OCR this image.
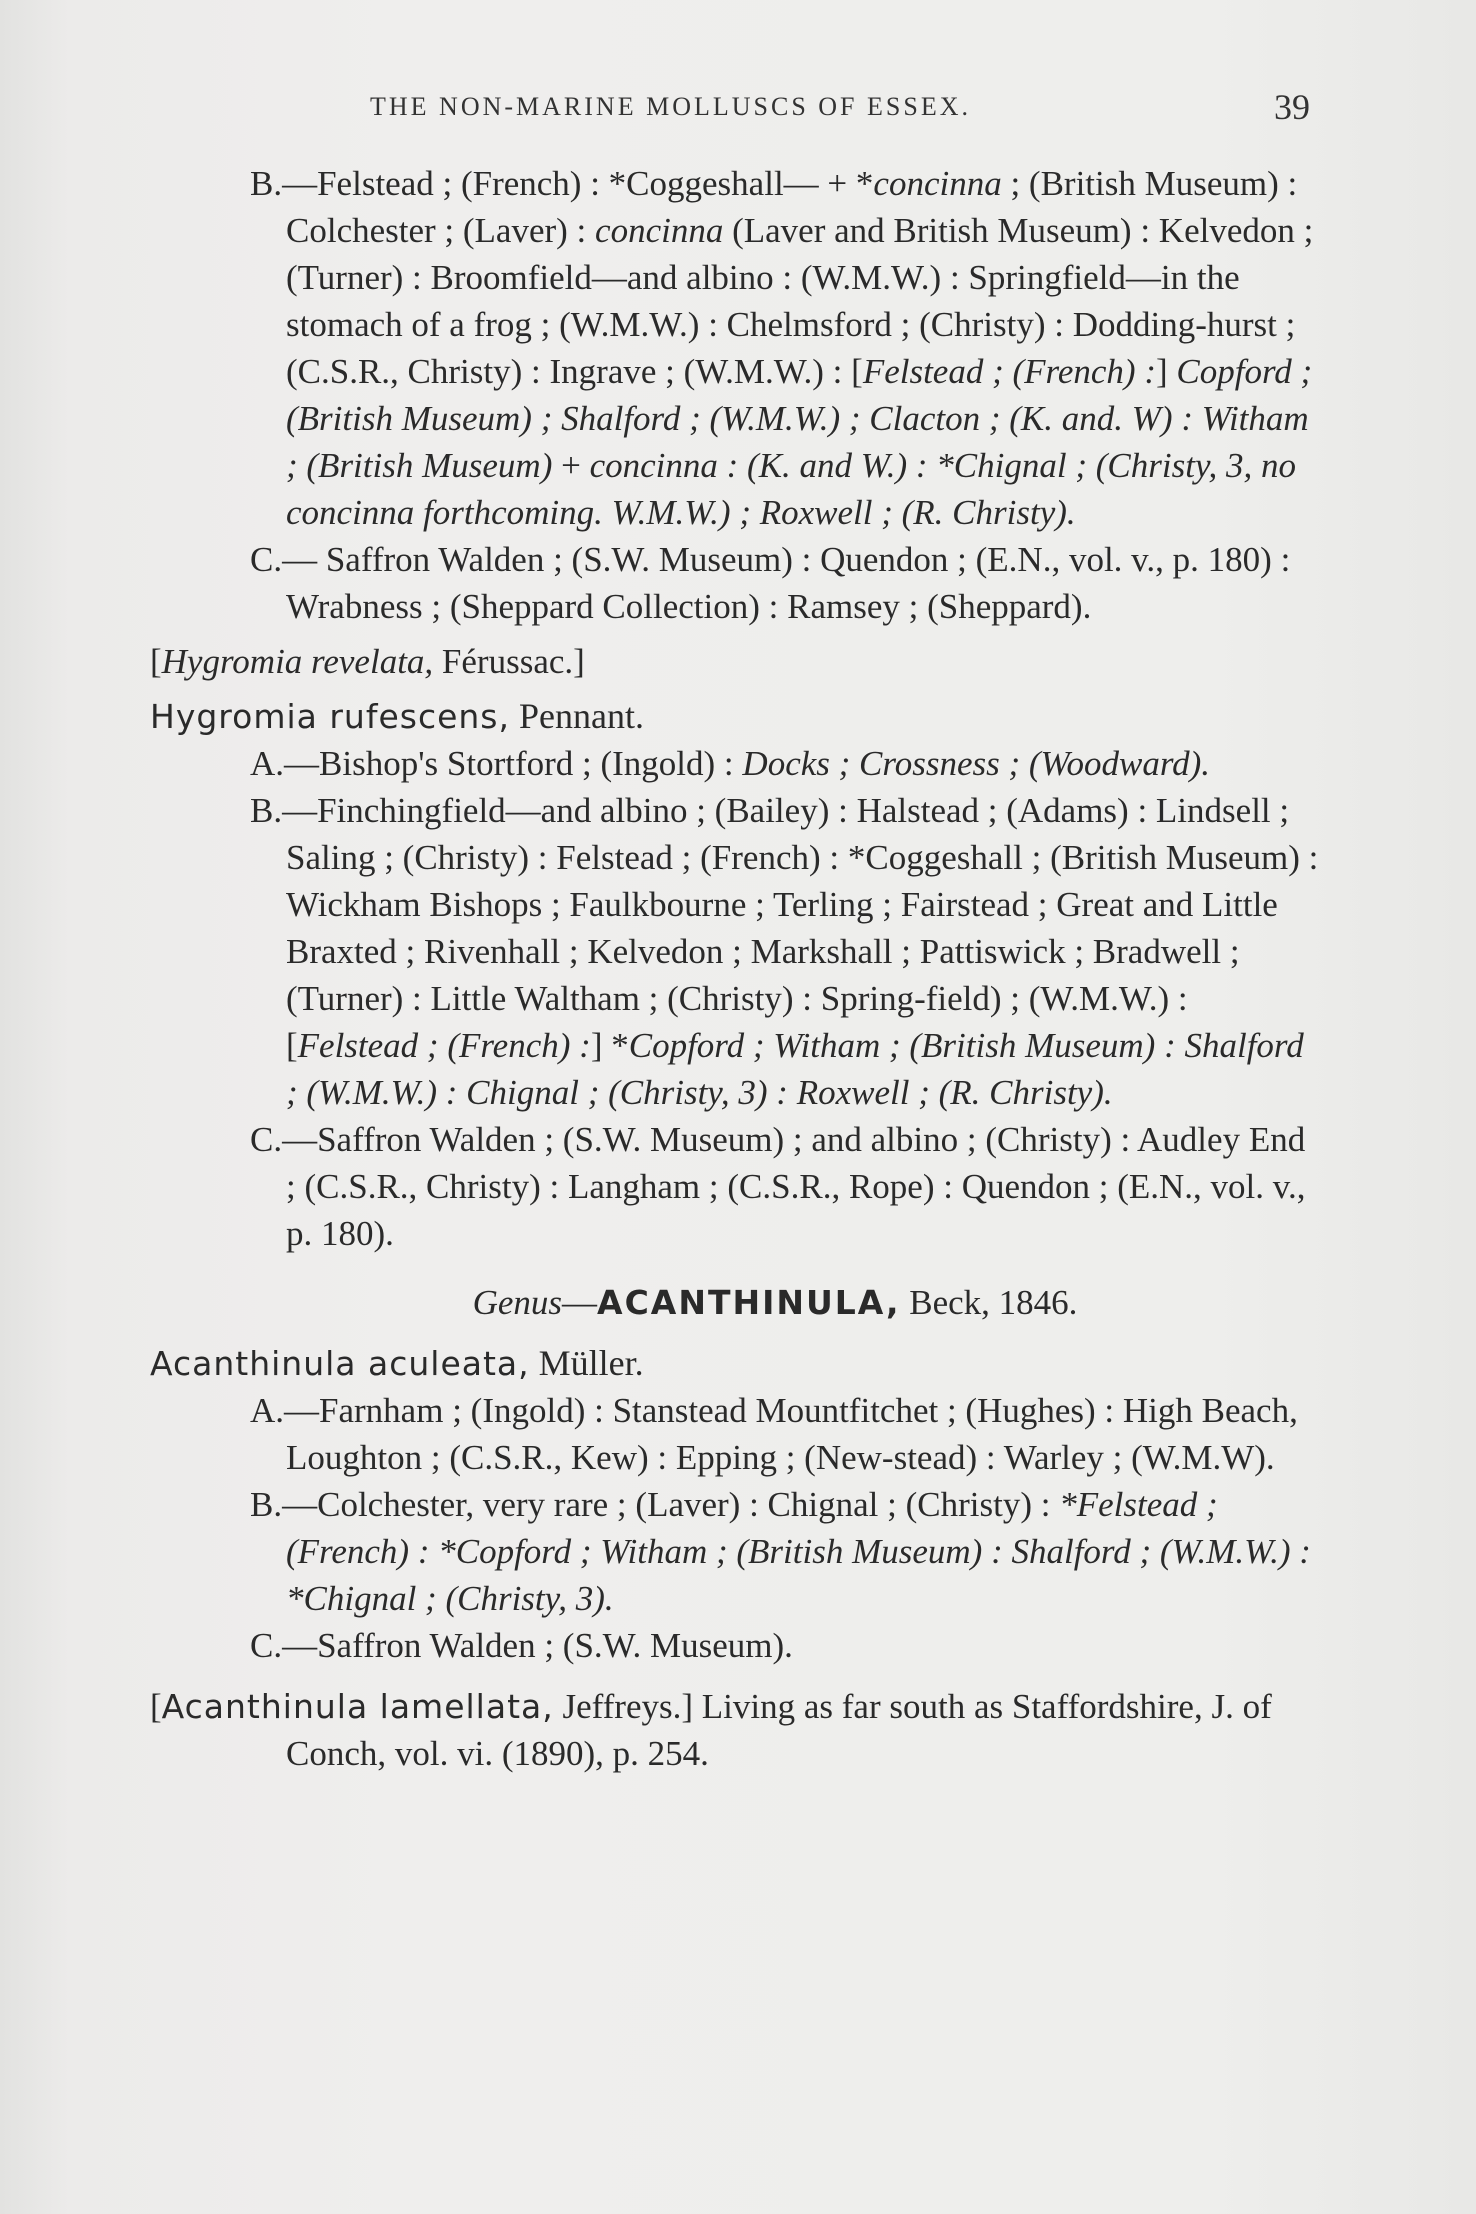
THE NON-MARINE MOLLUSCS OF ESSEX.	39

B.—Felstead ; (French) : *Coggeshall— + *concinna ; (British Museum) : Colchester ; (Laver) : concinna (Laver and British Museum) : Kelvedon ; (Turner) : Broomfield—and albino : (W.M.W.) : Springfield—in the stomach of a frog ; (W.M.W.) : Chelmsford ; (Christy) : Dodding-hurst ; (C.S.R., Christy) : Ingrave ; (W.M.W.) : [Felstead ; (French) :] Copford ; (British Museum) ; Shalford ; (W.M.W.) ; Clacton ; (K. and. W) : Witham ; (British Museum) + concinna : (K. and W.) : *Chignal ; (Christy, 3, no concinna forthcoming. W.M.W.) ; Roxwell ; (R. Christy).

C.— Saffron Walden ; (S.W. Museum) : Quendon ; (E.N., vol. v., p. 180) : Wrabness ; (Sheppard Collection) : Ramsey ; (Sheppard).

[Hygromia revelata, Férussac.]

Hygromia rufescens, Pennant.

A.—Bishop's Stortford ; (Ingold) : Docks ; Crossness ; (Woodward).

B.—Finchingfield—and albino ; (Bailey) : Halstead ; (Adams) : Lindsell ; Saling ; (Christy) : Felstead ; (French) : *Coggeshall ; (British Museum) : Wickham Bishops ; Faulkbourne ; Terling ; Fairstead ; Great and Little Braxted ; Rivenhall ; Kelvedon ; Markshall ; Pattiswick ; Bradwell ; (Turner) : Little Waltham ; (Christy) : Spring-field) ; (W.M.W.) : [Felstead ; (French) :] *Copford ; Witham ; (British Museum) : Shalford ; (W.M.W.) : Chignal ; (Christy, 3) : Roxwell ; (R. Christy).

C.—Saffron Walden ; (S.W. Museum) ; and albino ; (Christy) : Audley End ; (C.S.R., Christy) : Langham ; (C.S.R., Rope) : Quendon ; (E.N., vol. v., p. 180).

Genus—ACANTHINULA, Beck, 1846.

Acanthinula aculeata, Müller.

A.—Farnham ; (Ingold) : Stanstead Mountfitchet ; (Hughes) : High Beach, Loughton ; (C.S.R., Kew) : Epping ; (New-stead) : Warley ; (W.M.W).

B.—Colchester, very rare ; (Laver) : Chignal ; (Christy) : *Felstead ; (French) : *Copford ; Witham ; (British Museum) : Shalford ; (W.M.W.) : *Chignal ; (Christy, 3).

C.—Saffron Walden ; (S.W. Museum).

[Acanthinula lamellata, Jeffreys.] Living as far south as Staffordshire, J. of Conch, vol. vi. (1890), p. 254.
